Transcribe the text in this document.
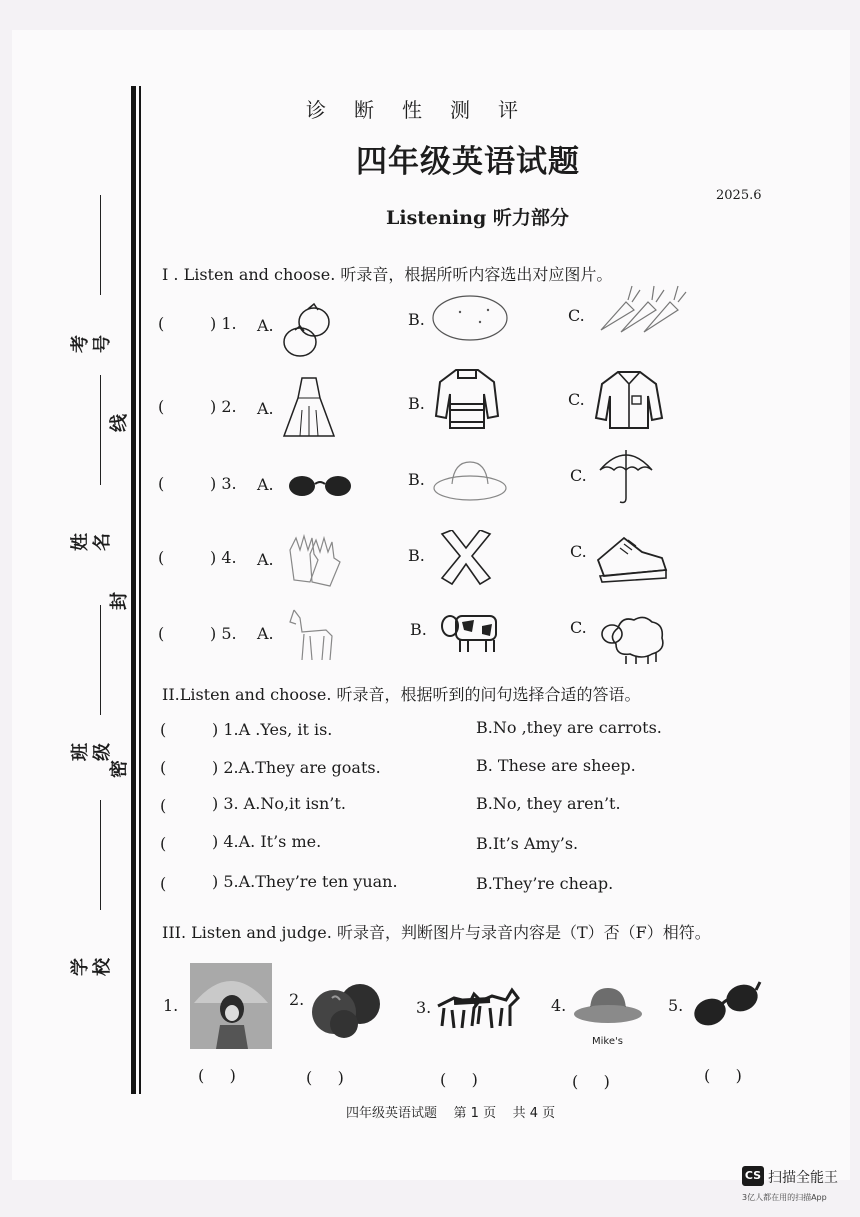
考号
线
姓名
封
班级
密
学校
诊断性测评
四年级英语试题
2025.6
Listening 听力部分
I . Listen and choose. 听录音，根据所听内容选出对应图片。
(	) 1. A.	B.	C.
(	) 2. A.	B.	C.
(	) 3. A.	B.	C.
(	) 4. A.	B.	C.
(	) 5. A.	B.	C.
II.Listen and choose. 听录音，根据听到的问句选择合适的答语。
(	) 1.A .Yes, it is.	B.No ,they are carrots.
(	) 2.A.They are goats.	B. These are sheep.
(	) 3. A.No,it isn’t.	B.No, they aren’t.
(	) 4.A. It’s me.	B.It’s Amy’s.
(	) 5.A.They’re ten yuan.	B.They’re cheap.
III. Listen and judge. 听录音，判断图片与录音内容是（T）否（F）相符。
1.
(     )
2.
(     )
3.
(     )
4.
Mike's
(     )
5.
(     )
四年级英语试题    第 1 页    共 4 页
CS 扫描全能王
3亿人都在用的扫描App
